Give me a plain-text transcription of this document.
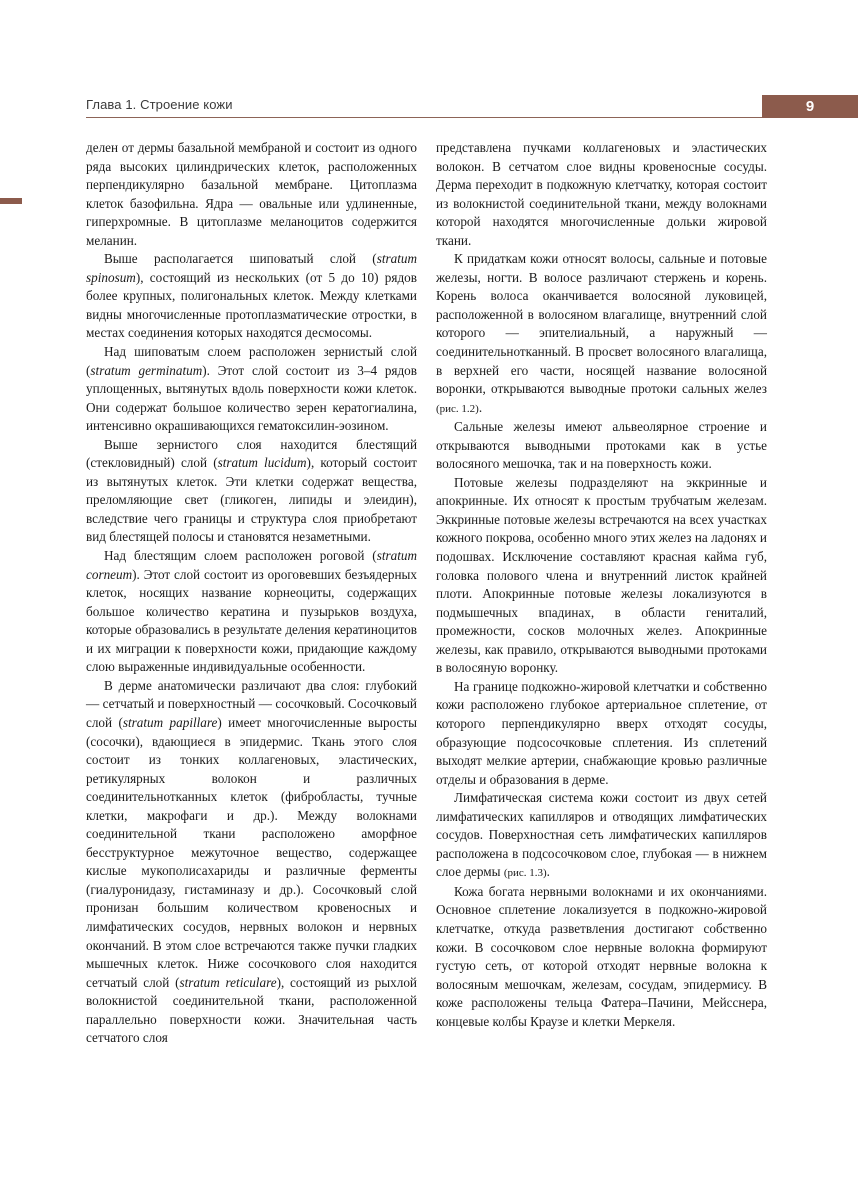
Глава 1. Строение кожи	9

делен от дермы базальной мембраной и состоит из одного ряда высоких цилиндрических клеток, расположенных перпендикулярно базальной мембране. Цитоплазма клеток базофильна. Ядра — овальные или удлиненные, гиперхромные. В цитоплазме меланоцитов содержится меланин.

Выше располагается шиповатый слой (stratum spinosum), состоящий из нескольких (от 5 до 10) рядов более крупных, полигональных клеток. Между клетками видны многочисленные протоплазматические отростки, в местах соединения которых находятся десмосомы.

Над шиповатым слоем расположен зернистый слой (stratum germinatum). Этот слой состоит из 3–4 рядов уплощенных, вытянутых вдоль поверхности кожи клеток. Они содержат большое количество зерен кератогиалина, интенсивно окрашивающихся гематоксилин-эозином.

Выше зернистого слоя находится блестящий (стекловидный) слой (stratum lucidum), который состоит из вытянутых клеток. Эти клетки содержат вещества, преломляющие свет (гликоген, липиды и элеидин), вследствие чего границы и структура слоя приобретают вид блестящей полосы и становятся незаметными.

Над блестящим слоем расположен роговой (stratum corneum). Этот слой состоит из ороговевших безъядерных клеток, носящих название корнеоциты, содержащих большое количество кератина и пузырьков воздуха, которые образовались в результате деления кератиноцитов и их миграции к поверхности кожи, придающие каждому слою выраженные индивидуальные особенности.

В дерме анатомически различают два слоя: глубокий — сетчатый и поверхностный — сосочковый. Сосочковый слой (stratum papillare) имеет многочисленные выросты (сосочки), вдающиеся в эпидермис. Ткань этого слоя состоит из тонких коллагеновых, эластических, ретикулярных волокон и различных соединительнотканных клеток (фибробласты, тучные клетки, макрофаги и др.). Между волокнами соединительной ткани расположено аморфное бесструктурное межуточное вещество, содержащее кислые мукополисахариды и различные ферменты (гиалуронидазу, гистаминазу и др.). Сосочковый слой пронизан большим количеством кровеносных и лимфатических сосудов, нервных волокон и нервных окончаний. В этом слое встречаются также пучки гладких мышечных клеток. Ниже сосочкового слоя находится сетчатый слой (stratum reticulare), состоящий из рыхлой волокнистой соединительной ткани, расположенной параллельно поверхности кожи. Значительная часть сетчатого слоя

представлена пучками коллагеновых и эластических волокон. В сетчатом слое видны кровеносные сосуды. Дерма переходит в подкожную клетчатку, которая состоит из волокнистой соединительной ткани, между волокнами которой находятся многочисленные дольки жировой ткани.

К придаткам кожи относят волосы, сальные и потовые железы, ногти. В волосе различают стержень и корень. Корень волоса оканчивается волосяной луковицей, расположенной в волосяном влагалище, внутренний слой которого — эпителиальный, а наружный — соединительнотканный. В просвет волосяного влагалища, в верхней его части, носящей название волосяной воронки, открываются выводные протоки сальных желез (рис. 1.2).

Сальные железы имеют альвеолярное строение и открываются выводными протоками как в устье волосяного мешочка, так и на поверхность кожи.

Потовые железы подразделяют на эккринные и апокринные. Их относят к простым трубчатым железам. Эккринные потовые железы встречаются на всех участках кожного покрова, особенно много этих желез на ладонях и подошвах. Исключение составляют красная кайма губ, головка полового члена и внутренний листок крайней плоти. Апокринные потовые железы локализуются в подмышечных впадинах, в области гениталий, промежности, сосков молочных желез. Апокринные железы, как правило, открываются выводными протоками в волосяную воронку.

На границе подкожно-жировой клетчатки и собственно кожи расположено глубокое артериальное сплетение, от которого перпендикулярно вверх отходят сосуды, образующие подсосочковые сплетения. Из сплетений выходят мелкие артерии, снабжающие кровью различные отделы и образования в дерме.

Лимфатическая система кожи состоит из двух сетей лимфатических капилляров и отводящих лимфатических сосудов. Поверхностная сеть лимфатических капилляров расположена в подсосочковом слое, глубокая — в нижнем слое дермы (рис. 1.3).

Кожа богата нервными волокнами и их окончаниями. Основное сплетение локализуется в подкожно-жировой клетчатке, откуда разветвления достигают собственно кожи. В сосочковом слое нервные волокна формируют густую сеть, от которой отходят нервные волокна к волосяным мешочкам, железам, сосудам, эпидермису. В коже расположены тельца Фатера–Пачини, Мейсснера, концевые колбы Краузе и клетки Меркеля.
